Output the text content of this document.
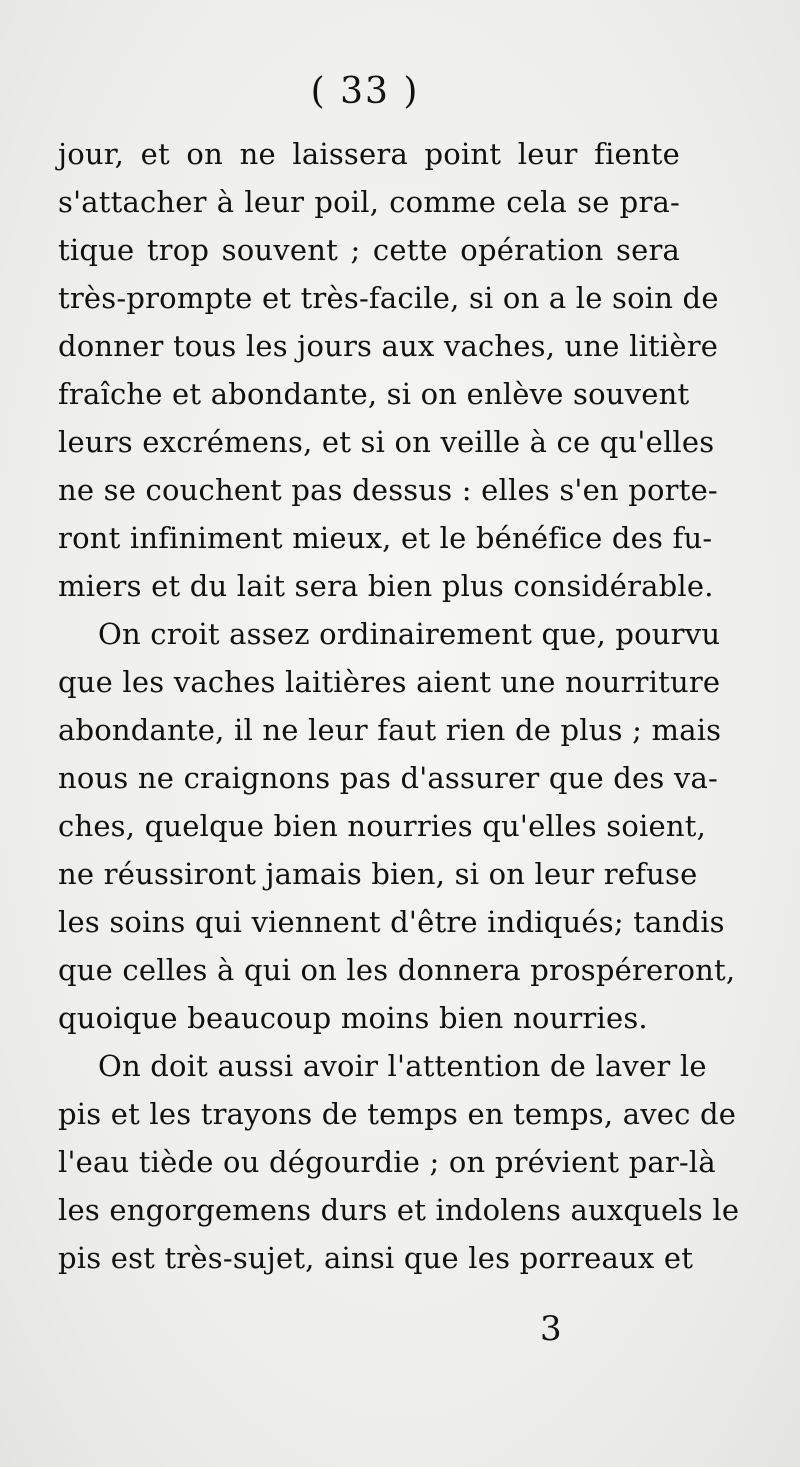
( 33 )
jour, et on ne laissera point leur fiente
s'attacher à leur poil, comme cela se pra-
tique trop souvent ; cette opération sera
très-prompte et très-facile, si on a le soin de
donner tous les jours aux vaches, une litière
fraîche et abondante, si on enlève souvent
leurs excrémens, et si on veille à ce qu'elles
ne se couchent pas dessus : elles s'en porte-
ront infiniment mieux, et le bénéfice des fu-
miers et du lait sera bien plus considérable.
On croit assez ordinairement que, pourvu
que les vaches laitières aient une nourriture
abondante, il ne leur faut rien de plus ; mais
nous ne craignons pas d'assurer que des va-
ches, quelque bien nourries qu'elles soient,
ne réussiront jamais bien, si on leur refuse
les soins qui viennent d'être indiqués; tandis
que celles à qui on les donnera prospéreront,
quoique beaucoup moins bien nourries.
On doit aussi avoir l'attention de laver le
pis et les trayons de temps en temps, avec de
l'eau tiède ou dégourdie ; on prévient par-là
les engorgemens durs et indolens auxquels le
pis est très-sujet, ainsi que les porreaux et
3
